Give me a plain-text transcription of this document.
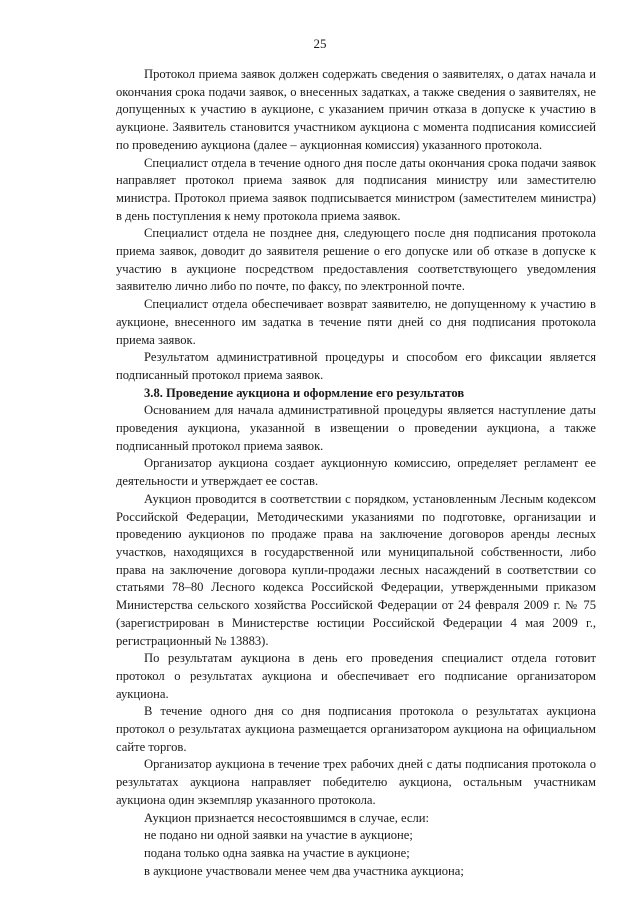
25

Протокол приема заявок должен содержать сведения о заявителях, о датах начала и окончания срока подачи заявок, о внесенных задатках, а также сведения о заявителях, не допущенных к участию в аукционе, с указанием причин отказа в допуске к участию в аукционе. Заявитель становится участником аукциона с момента подписания комиссией по проведению аукциона (далее – аукционная комиссия) указанного протокола.

Специалист отдела в течение одного дня после даты окончания срока подачи заявок направляет протокол приема заявок для подписания министру или заместителю министра. Протокол приема заявок подписывается министром (заместителем министра) в день поступления к нему протокола приема заявок.

Специалист отдела не позднее дня, следующего после дня подписания протокола приема заявок, доводит до заявителя решение о его допуске или об отказе в допуске к участию в аукционе посредством предоставления соответствующего уведомления заявителю лично либо по почте, по факсу, по электронной почте.

Специалист отдела обеспечивает возврат заявителю, не допущенному к участию в аукционе, внесенного им задатка в течение пяти дней со дня подписания протокола приема заявок.

Результатом административной процедуры и способом его фиксации является подписанный протокол приема заявок.

3.8. Проведение аукциона и оформление его результатов

Основанием для начала административной процедуры является наступление даты проведения аукциона, указанной в извещении о проведении аукциона, а также подписанный протокол приема заявок.

Организатор аукциона создает аукционную комиссию, определяет регламент ее деятельности и утверждает ее состав.

Аукцион проводится в соответствии с порядком, установленным Лесным кодексом Российской Федерации, Методическими указаниями по подготовке, организации и проведению аукционов по продаже права на заключение договоров аренды лесных участков, находящихся в государственной или муниципальной собственности, либо права на заключение договора купли-продажи лесных насаждений в соответствии со статьями 78–80 Лесного кодекса Российской Федерации, утвержденными приказом Министерства сельского хозяйства Российской Федерации от 24 февраля 2009 г. № 75 (зарегистрирован в Министерстве юстиции Российской Федерации 4 мая 2009 г., регистрационный № 13883).

По результатам аукциона в день его проведения специалист отдела готовит протокол о результатах аукциона и обеспечивает его подписание организатором аукциона.

В течение одного дня со дня подписания протокола о результатах аукциона протокол о результатах аукциона размещается организатором аукциона на официальном сайте торгов.

Организатор аукциона в течение трех рабочих дней с даты подписания протокола о результатах аукциона направляет победителю аукциона, остальным участникам аукциона один экземпляр указанного протокола.

Аукцион признается несостоявшимся в случае, если:

не подано ни одной заявки на участие в аукционе;

подана только одна заявка на участие в аукционе;

в аукционе участвовали менее чем два участника аукциона;
